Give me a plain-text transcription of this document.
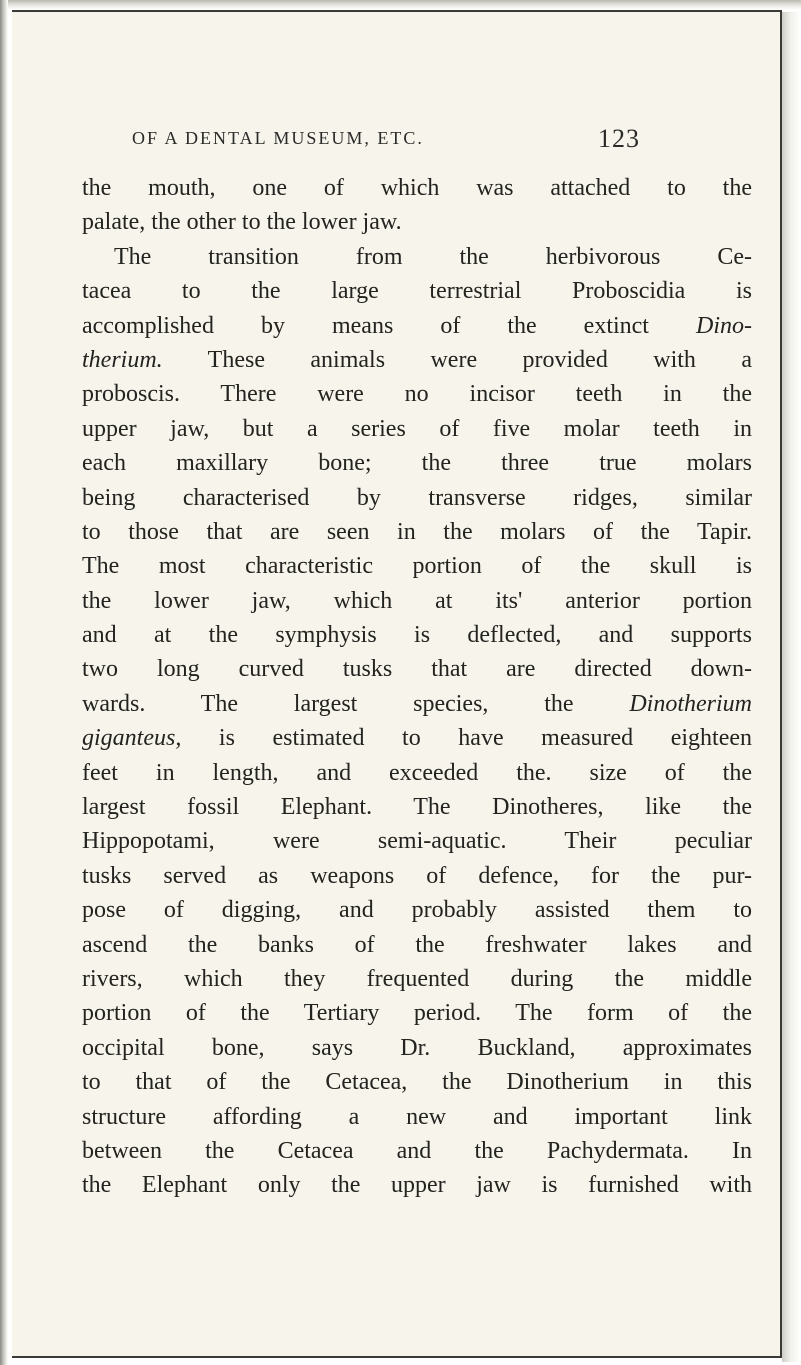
OF A DENTAL MUSEUM, ETC.	123
the mouth, one of which was attached to the
palate, the other to the lower jaw.
The transition from the herbivorous Ce-
tacea to the large terrestrial Proboscidia is
accomplished by means of the extinct Dino-
therium. These animals were provided with a
proboscis. There were no incisor teeth in the
upper jaw, but a series of five molar teeth in
each maxillary bone; the three true molars
being characterised by transverse ridges, similar
to those that are seen in the molars of the Tapir.
The most characteristic portion of the skull is
the lower jaw, which at its' anterior portion
and at the symphysis is deflected, and supports
two long curved tusks that are directed down-
wards. The largest species, the Dinotherium
giganteus, is estimated to have measured eighteen
feet in length, and exceeded the. size of the
largest fossil Elephant. The Dinotheres, like the
Hippopotami, were semi-aquatic. Their peculiar
tusks served as weapons of defence, for the pur-
pose of digging, and probably assisted them to
ascend the banks of the freshwater lakes and
rivers, which they frequented during the middle
portion of the Tertiary period. The form of the
occipital bone, says Dr. Buckland, approximates
to that of the Cetacea, the Dinotherium in this
structure affording a new and important link
between the Cetacea and the Pachydermata. In
the Elephant only the upper jaw is furnished with
